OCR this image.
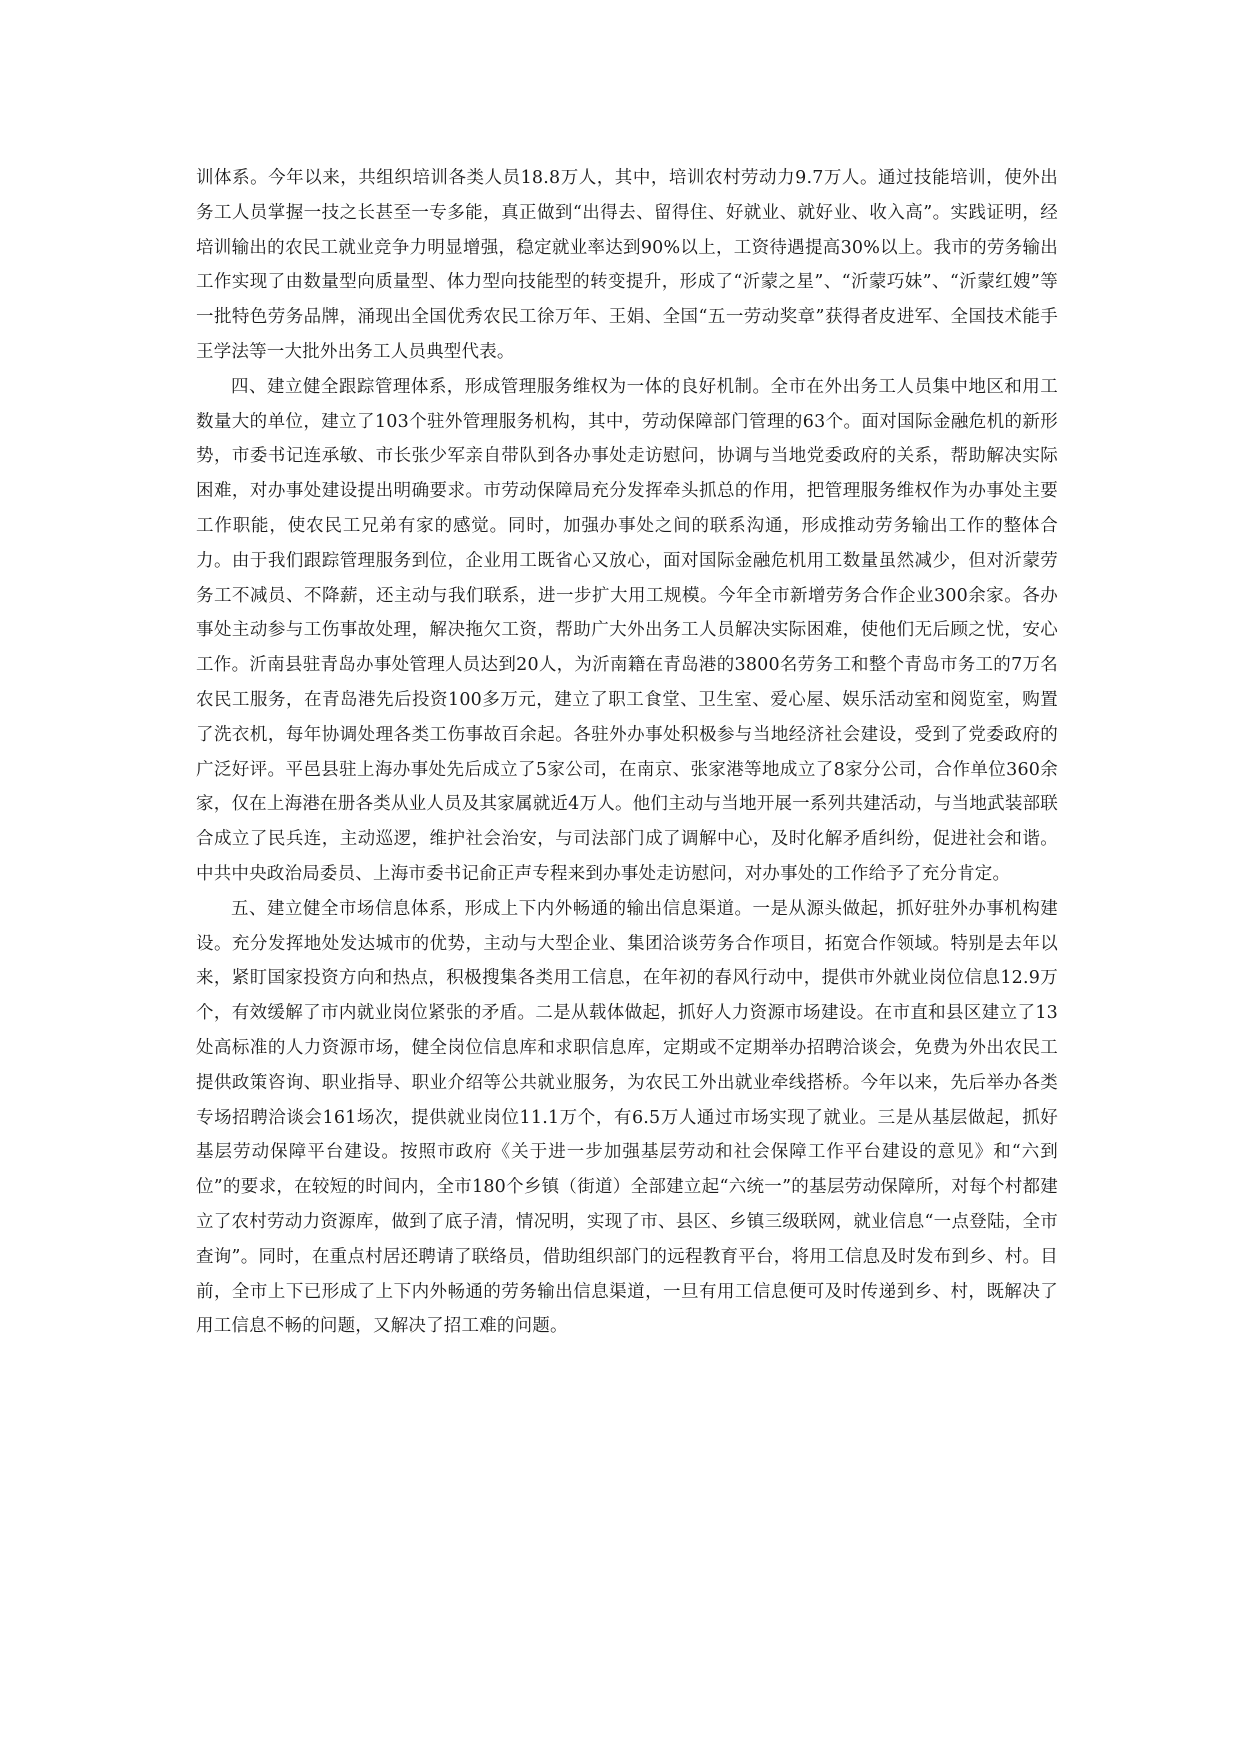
训体系。今年以来，共组织培训各类人员18.8万人，其中，培训农村劳动力9.7万人。通过技能培训，使外出务工人员掌握一技之长甚至一专多能，真正做到“出得去、留得住、好就业、就好业、收入高”。实践证明，经培训输出的农民工就业竞争力明显增强，稳定就业率达到90%以上，工资待遇提高30%以上。我市的劳务输出工作实现了由数量型向质量型、体力型向技能型的转变提升，形成了“沂蒙之星”、“沂蒙巧妹”、“沂蒙红嫂”等一批特色劳务品牌，涌现出全国优秀农民工徐万年、王娟、全国“五一劳动奖章”获得者皮进军、全国技术能手王学法等一大批外出务工人员典型代表。

四、建立健全跟踪管理体系，形成管理服务维权为一体的良好机制。全市在外出务工人员集中地区和用工数量大的单位，建立了103个驻外管理服务机构，其中，劳动保障部门管理的63个。面对国际金融危机的新形势，市委书记连承敏、市长张少军亲自带队到各办事处走访慰问，协调与当地党委政府的关系，帮助解决实际困难，对办事处建设提出明确要求。市劳动保障局充分发挥牵头抓总的作用，把管理服务维权作为办事处主要工作职能，使农民工兄弟有家的感觉。同时，加强办事处之间的联系沟通，形成推动劳务输出工作的整体合力。由于我们跟踪管理服务到位，企业用工既省心又放心，面对国际金融危机用工数量虽然减少，但对沂蒙劳务工不减员、不降薪，还主动与我们联系，进一步扩大用工规模。今年全市新增劳务合作企业300余家。各办事处主动参与工伤事故处理，解决拖欠工资，帮助广大外出务工人员解决实际困难，使他们无后顾之忧，安心工作。沂南县驻青岛办事处管理人员达到20人，为沂南籍在青岛港的3800名劳务工和整个青岛市务工的7万名农民工服务，在青岛港先后投资100多万元，建立了职工食堂、卫生室、爱心屋、娱乐活动室和阅览室，购置了洗衣机，每年协调处理各类工伤事故百余起。各驻外办事处积极参与当地经济社会建设，受到了党委政府的广泛好评。平邑县驻上海办事处先后成立了5家公司，在南京、张家港等地成立了8家分公司，合作单位360余家，仅在上海港在册各类从业人员及其家属就近4万人。他们主动与当地开展一系列共建活动，与当地武装部联合成立了民兵连，主动巡逻，维护社会治安，与司法部门成了调解中心，及时化解矛盾纠纷，促进社会和谐。中共中央政治局委员、上海市委书记俞正声专程来到办事处走访慰问，对办事处的工作给予了充分肯定。

五、建立健全市场信息体系，形成上下内外畅通的输出信息渠道。一是从源头做起，抓好驻外办事机构建设。充分发挥地处发达城市的优势，主动与大型企业、集团洽谈劳务合作项目，拓宽合作领域。特别是去年以来，紧盯国家投资方向和热点，积极搜集各类用工信息，在年初的春风行动中，提供市外就业岗位信息12.9万个，有效缓解了市内就业岗位紧张的矛盾。二是从载体做起，抓好人力资源市场建设。在市直和县区建立了13处高标准的人力资源市场，健全岗位信息库和求职信息库，定期或不定期举办招聘洽谈会，免费为外出农民工提供政策咨询、职业指导、职业介绍等公共就业服务，为农民工外出就业牵线搭桥。今年以来，先后举办各类专场招聘洽谈会161场次，提供就业岗位11.1万个，有6.5万人通过市场实现了就业。三是从基层做起，抓好基层劳动保障平台建设。按照市政府《关于进一步加强基层劳动和社会保障工作平台建设的意见》和“六到位”的要求，在较短的时间内，全市180个乡镇（街道）全部建立起“六统一”的基层劳动保障所，对每个村都建立了农村劳动力资源库，做到了底子清，情况明，实现了市、县区、乡镇三级联网，就业信息“一点登陆，全市查询”。同时，在重点村居还聘请了联络员，借助组织部门的远程教育平台，将用工信息及时发布到乡、村。目前，全市上下已形成了上下内外畅通的劳务输出信息渠道，一旦有用工信息便可及时传递到乡、村，既解决了用工信息不畅的问题，又解决了招工难的问题。
